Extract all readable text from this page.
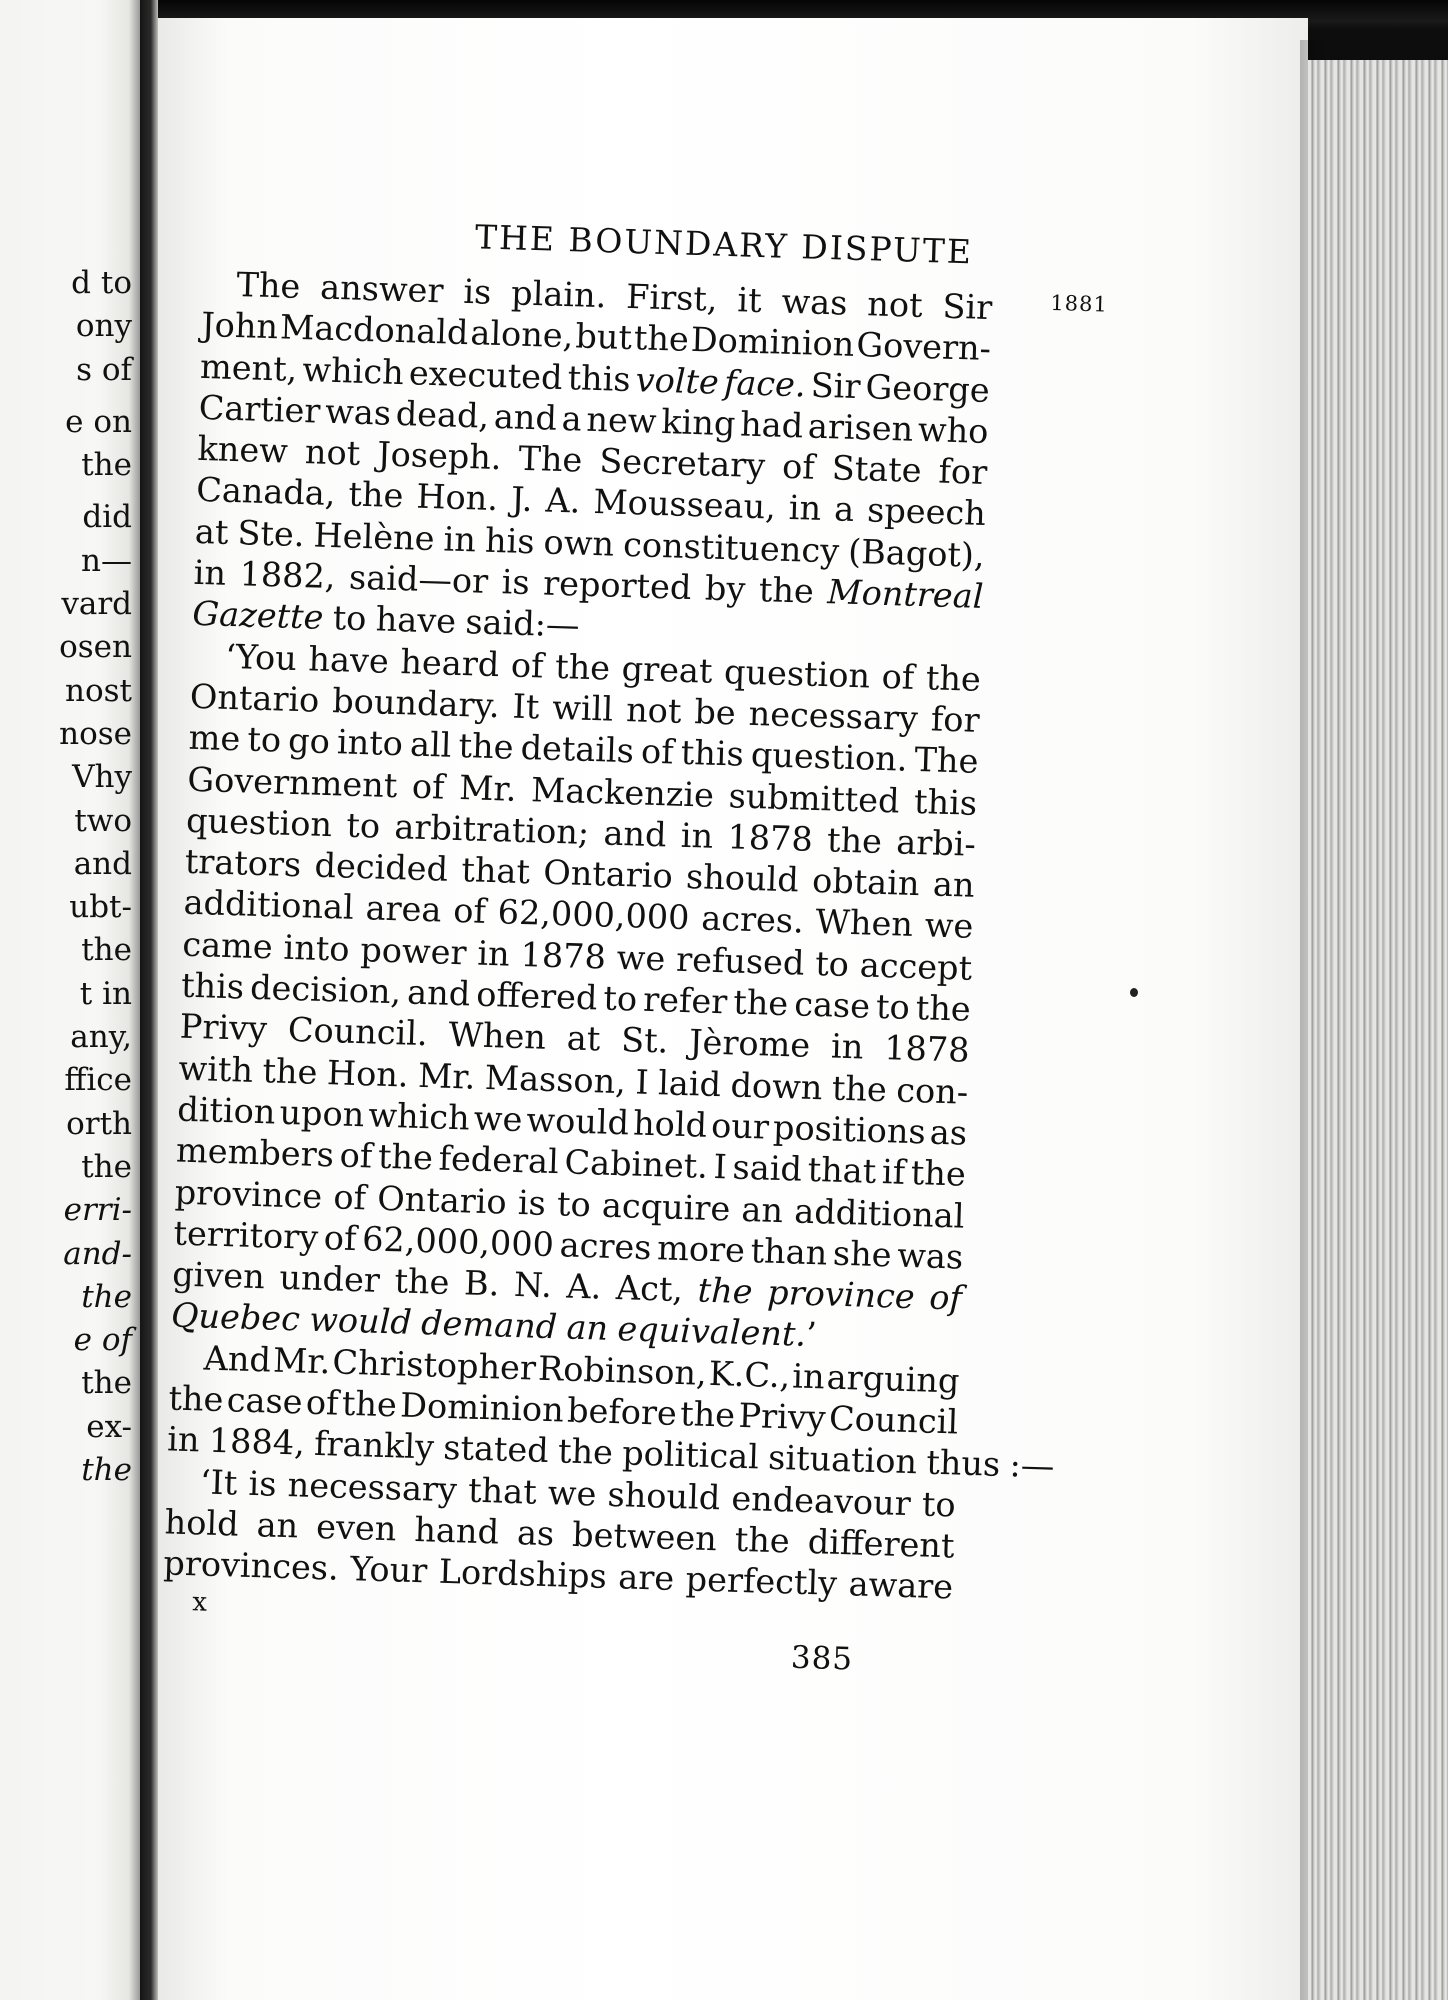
d to
ony
s of
e on
the
did
n—
vard
osen
nost
nose
Vhy
two
and
ubt-
the
t in
any,
ffice
orth
the
erri-
and-
the
e of
the
ex-
the
THE BOUNDARY DISPUTE
1881
The answer is plain. First, it was not Sir
John Macdonald alone, but the Dominion Govern-
ment, which executed this volte face. Sir George
Cartier was dead, and a new king had arisen who
knew not Joseph. The Secretary of State for
Canada, the Hon. J. A. Mousseau, in a speech
at Ste. Helène in his own constituency (Bagot),
in 1882, said—or is reported by the Montreal
Gazette to have said:—
‘You have heard of the great question of the
Ontario boundary. It will not be necessary for
me to go into all the details of this question. The
Government of Mr. Mackenzie submitted this
question to arbitration; and in 1878 the arbi-
trators decided that Ontario should obtain an
additional area of 62,000,000 acres. When we
came into power in 1878 we refused to accept
this decision, and offered to refer the case to the
Privy Council. When at St. Jèrome in 1878
with the Hon. Mr. Masson, I laid down the con-
dition upon which we would hold our positions as
members of the federal Cabinet. I said that if the
province of Ontario is to acquire an additional
territory of 62,000,000 acres more than she was
given under the B. N. A. Act, the province of
Quebec would demand an equivalent.’
And Mr. Christopher Robinson, K.C., in arguing
the case of the Dominion before the Privy Council
in 1884, frankly stated the political situation thus :—
‘It is necessary that we should endeavour to
hold an even hand as between the different
provinces. Your Lordships are perfectly aware
x
385
